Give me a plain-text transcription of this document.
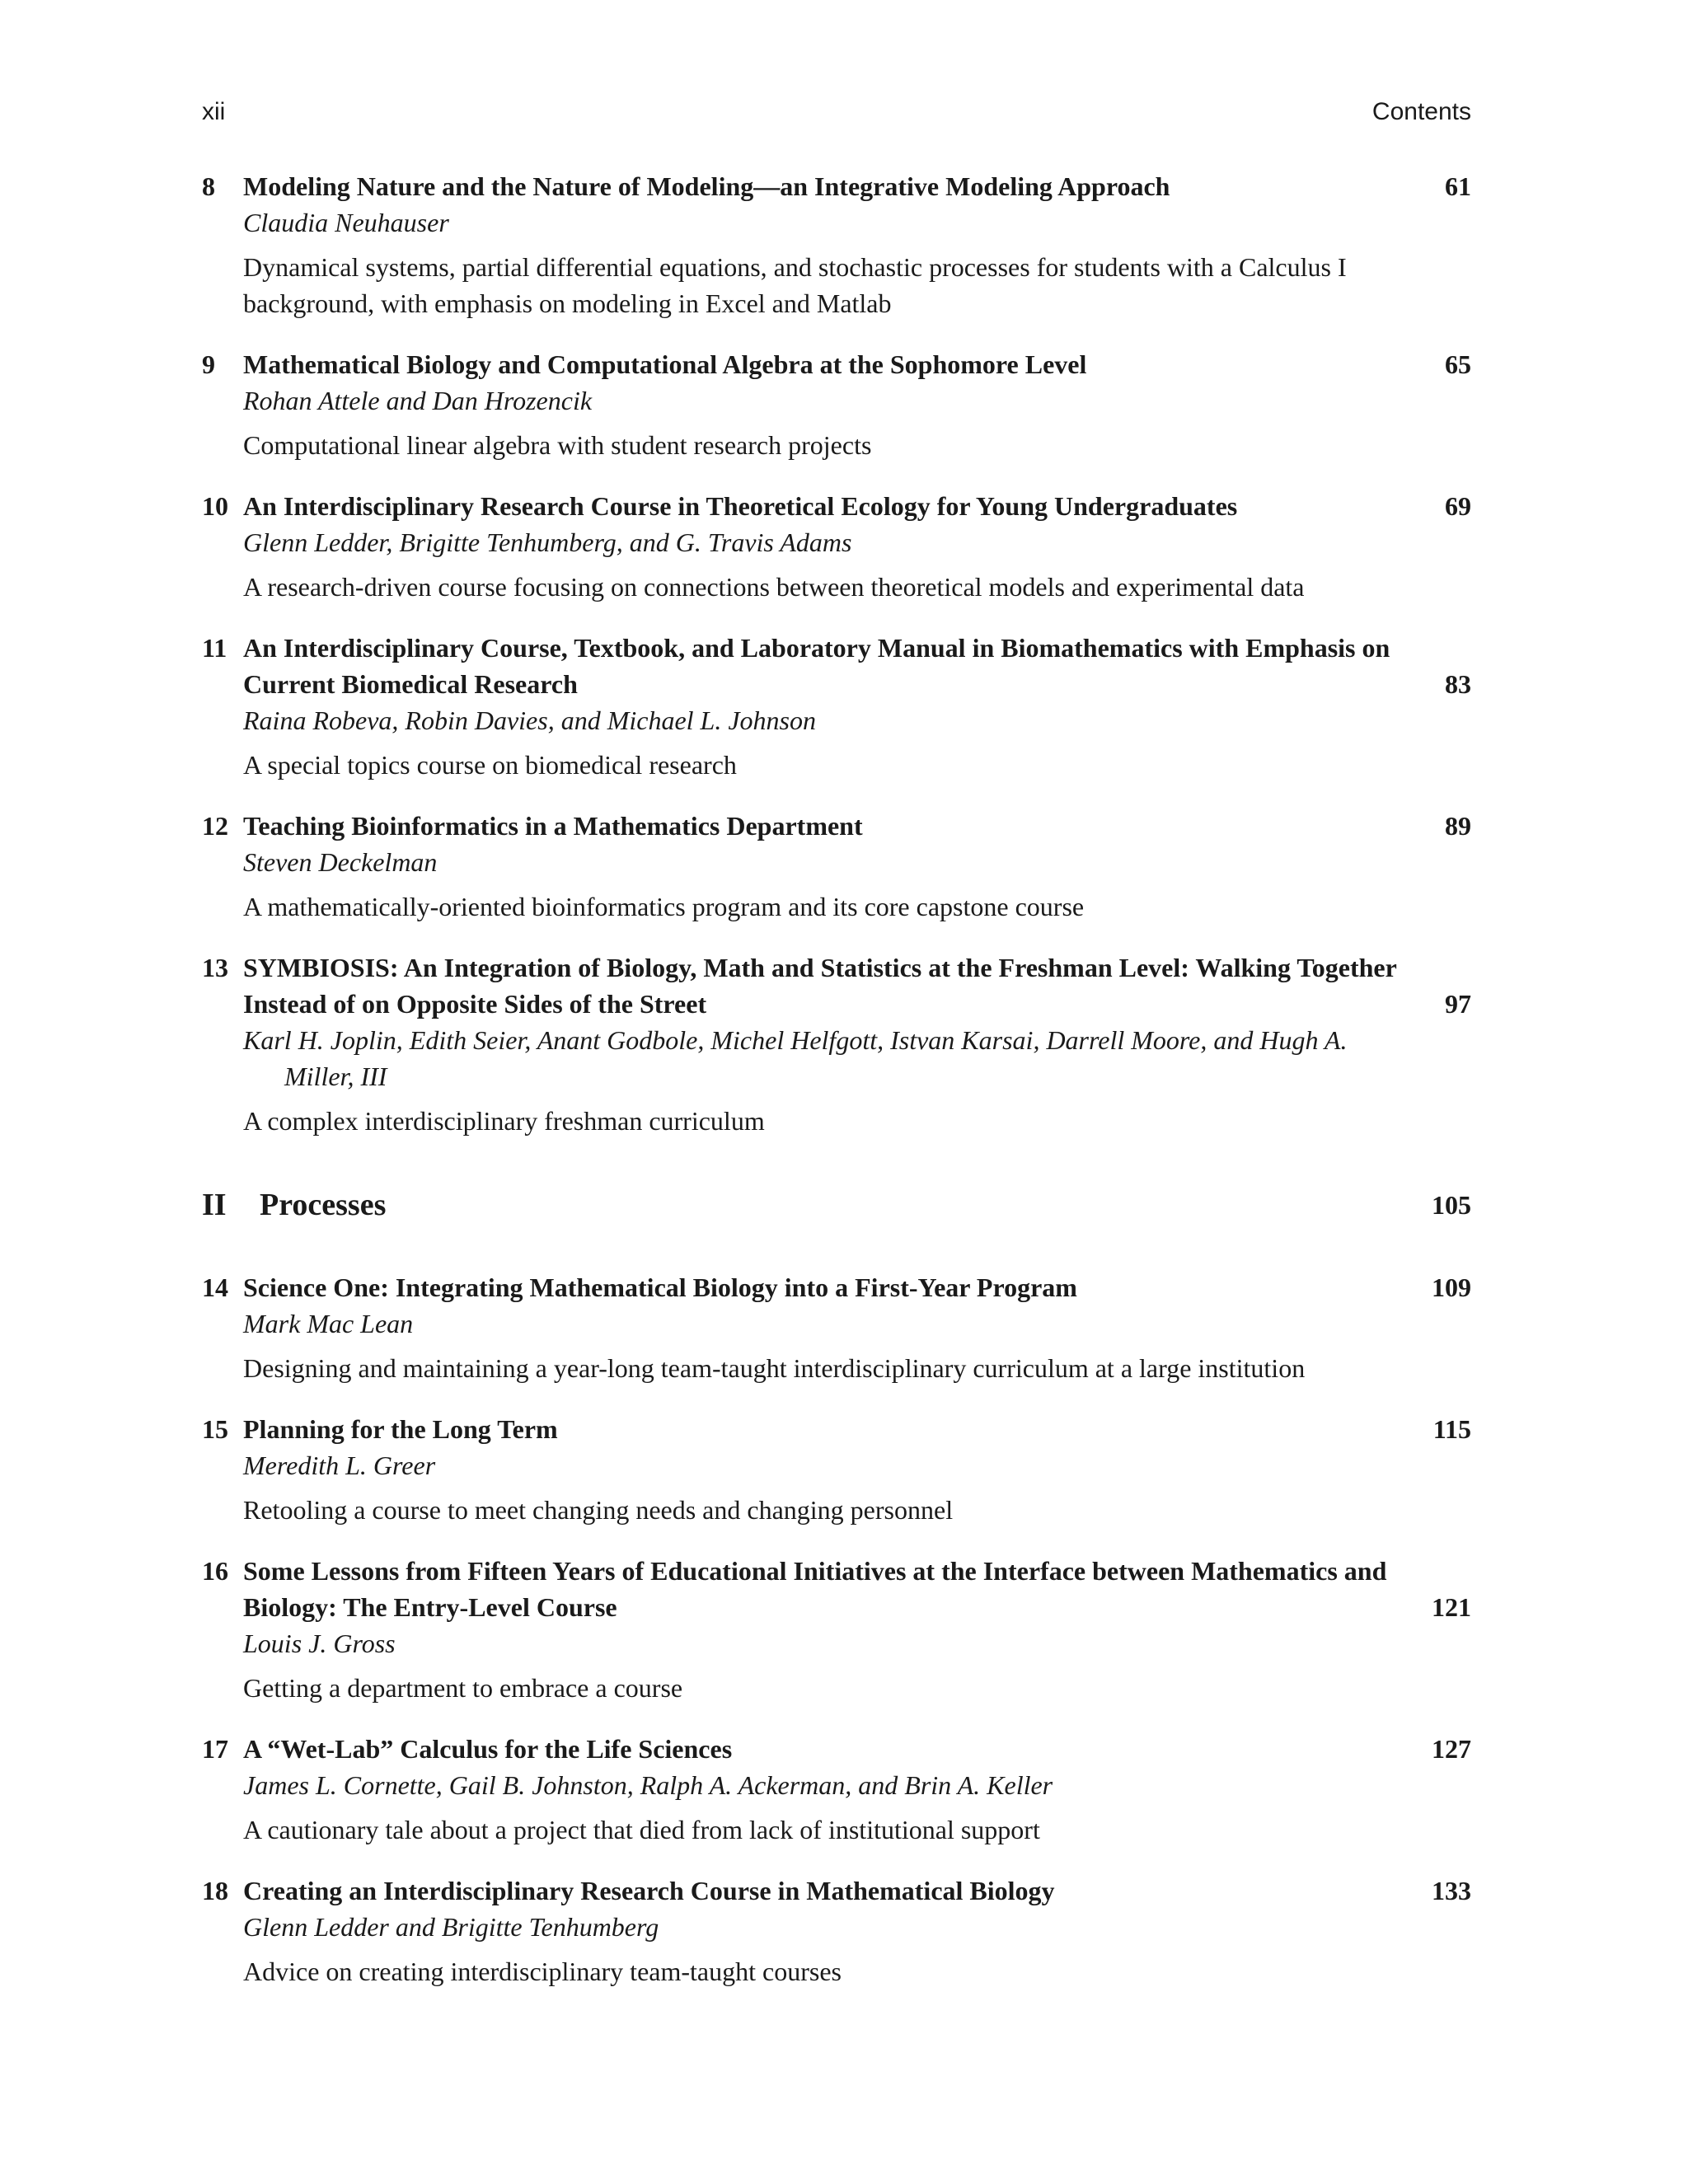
xii	Contents
8 Modeling Nature and the Nature of Modeling—an Integrative Modeling Approach

Claudia Neuhauser

Dynamical systems, partial differential equations, and stochastic processes for students with a Calculus I background, with emphasis on modeling in Excel and Matlab

61
9 Mathematical Biology and Computational Algebra at the Sophomore Level

Rohan Attele and Dan Hrozencik

Computational linear algebra with student research projects

65
10 An Interdisciplinary Research Course in Theoretical Ecology for Young Undergraduates

Glenn Ledder, Brigitte Tenhumberg, and G. Travis Adams

A research-driven course focusing on connections between theoretical models and experimental data

69
11 An Interdisciplinary Course, Textbook, and Laboratory Manual in Biomathematics with Emphasis on Current Biomedical Research

Raina Robeva, Robin Davies, and Michael L. Johnson

A special topics course on biomedical research

83
12 Teaching Bioinformatics in a Mathematics Department

Steven Deckelman

A mathematically-oriented bioinformatics program and its core capstone course

89
13 SYMBIOSIS: An Integration of Biology, Math and Statistics at the Freshman Level: Walking Together Instead of on Opposite Sides of the Street

Karl H. Joplin, Edith Seier, Anant Godbole, Michel Helfgott, Istvan Karsai, Darrell Moore, and Hugh A. Miller, III

A complex interdisciplinary freshman curriculum

97
II Processes	105
14 Science One: Integrating Mathematical Biology into a First-Year Program

Mark Mac Lean

Designing and maintaining a year-long team-taught interdisciplinary curriculum at a large institution

109
15 Planning for the Long Term

Meredith L. Greer

Retooling a course to meet changing needs and changing personnel

115
16 Some Lessons from Fifteen Years of Educational Initiatives at the Interface between Mathematics and Biology: The Entry-Level Course

Louis J. Gross

Getting a department to embrace a course

121
17 A “Wet-Lab” Calculus for the Life Sciences

James L. Cornette, Gail B. Johnston, Ralph A. Ackerman, and Brin A. Keller

A cautionary tale about a project that died from lack of institutional support

127
18 Creating an Interdisciplinary Research Course in Mathematical Biology

Glenn Ledder and Brigitte Tenhumberg

Advice on creating interdisciplinary team-taught courses

133
